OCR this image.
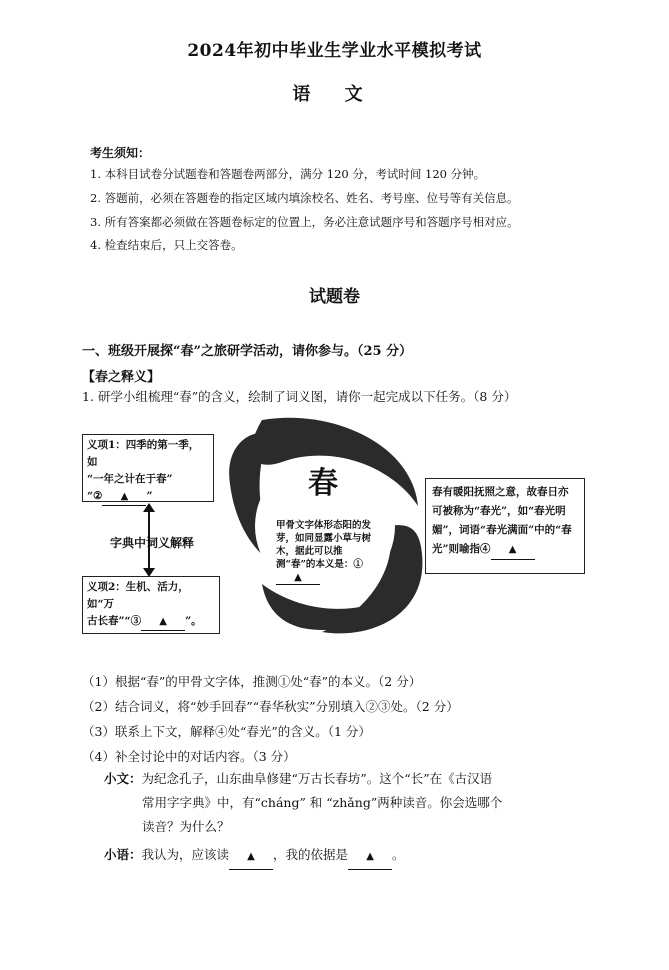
2024年初中毕业生学业水平模拟考试
语 文
考生须知：
1. 本科目试卷分试题卷和答题卷两部分，满分 120 分，考试时间 120 分钟。
2. 答题前，必须在答题卷的指定区域内填涂校名、姓名、考号座、位号等有关信息。
3. 所有答案都必须做在答题卷标定的位置上，务必注意试题序号和答题序号相对应。
4. 检查结束后，只上交答卷。
试题卷
一、班级开展探“春”之旅研学活动，请你参与。（25 分）
【春之释义】
1. 研学小组梳理“春”的含义，绘制了词义图，请你一起完成以下任务。（8 分）
春
甲骨文字体形态阳的发芽，如同显露小草与树木，据此可以推测“春”的本义是：①▲
义项1：四季的第一季，如
“一年之计在于春”
“② ▲ ”
字典中词义解释
义项2：生机、活力，如“万
古长春”“③ ▲ ”。
春有暖阳抚照之意，故春日亦可被称为“春光”，如“春光明媚”，词语“春光满面”中的“春光”则喻指④ ▲
（1）根据“春”的甲骨文字体，推测①处“春”的本义。（2 分）
（2）结合词义，将“妙手回春”“春华秋实”分别填入②③处。（2 分）
（3）联系上下文，解释④处“春光”的含义。（1 分）
（4）补全讨论中的对话内容。（3 分）
小文：为纪念孔子，山东曲阜修建“万古长春坊”。这个“长”在《古汉语
常用字字典》中，有“cháng” 和 “zhǎng”两种读音。你会选哪个
读音？为什么？
小语：我认为，应该读 ▲ ，我的依据是 ▲ 。
